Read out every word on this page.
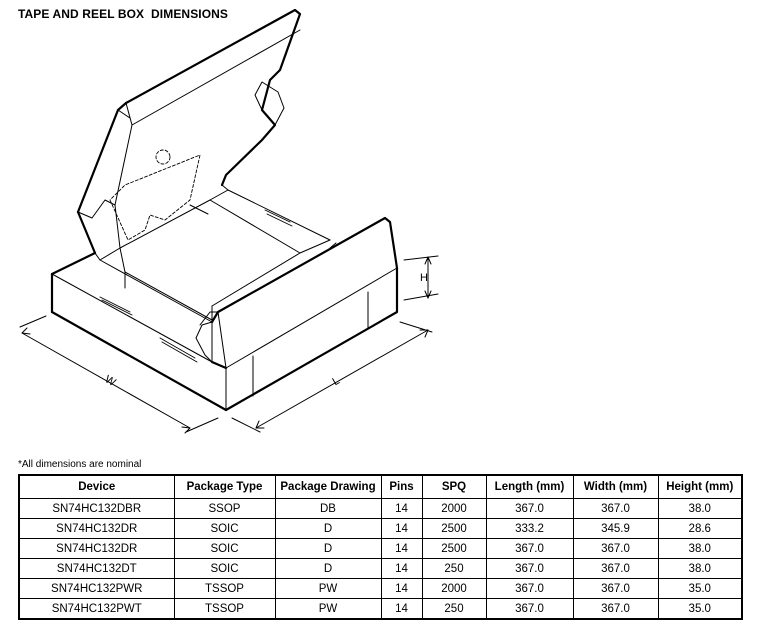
TAPE AND REEL BOX  DIMENSIONS
W	L
H
*All dimensions are nominal
Device	Package Type	Package Drawing	Pins	SPQ	Length (mm)	Width (mm)	Height (mm)
SN74HC132DBR	SSOP	DB	14	2000	367.0	367.0	38.0
SN74HC132DR	SOIC	D	14	2500	333.2	345.9	28.6
SN74HC132DR	SOIC	D	14	2500	367.0	367.0	38.0
SN74HC132DT	SOIC	D	14	250	367.0	367.0	38.0
SN74HC132PWR	TSSOP	PW	14	2000	367.0	367.0	35.0
SN74HC132PWT	TSSOP	PW	14	250	367.0	367.0	35.0
